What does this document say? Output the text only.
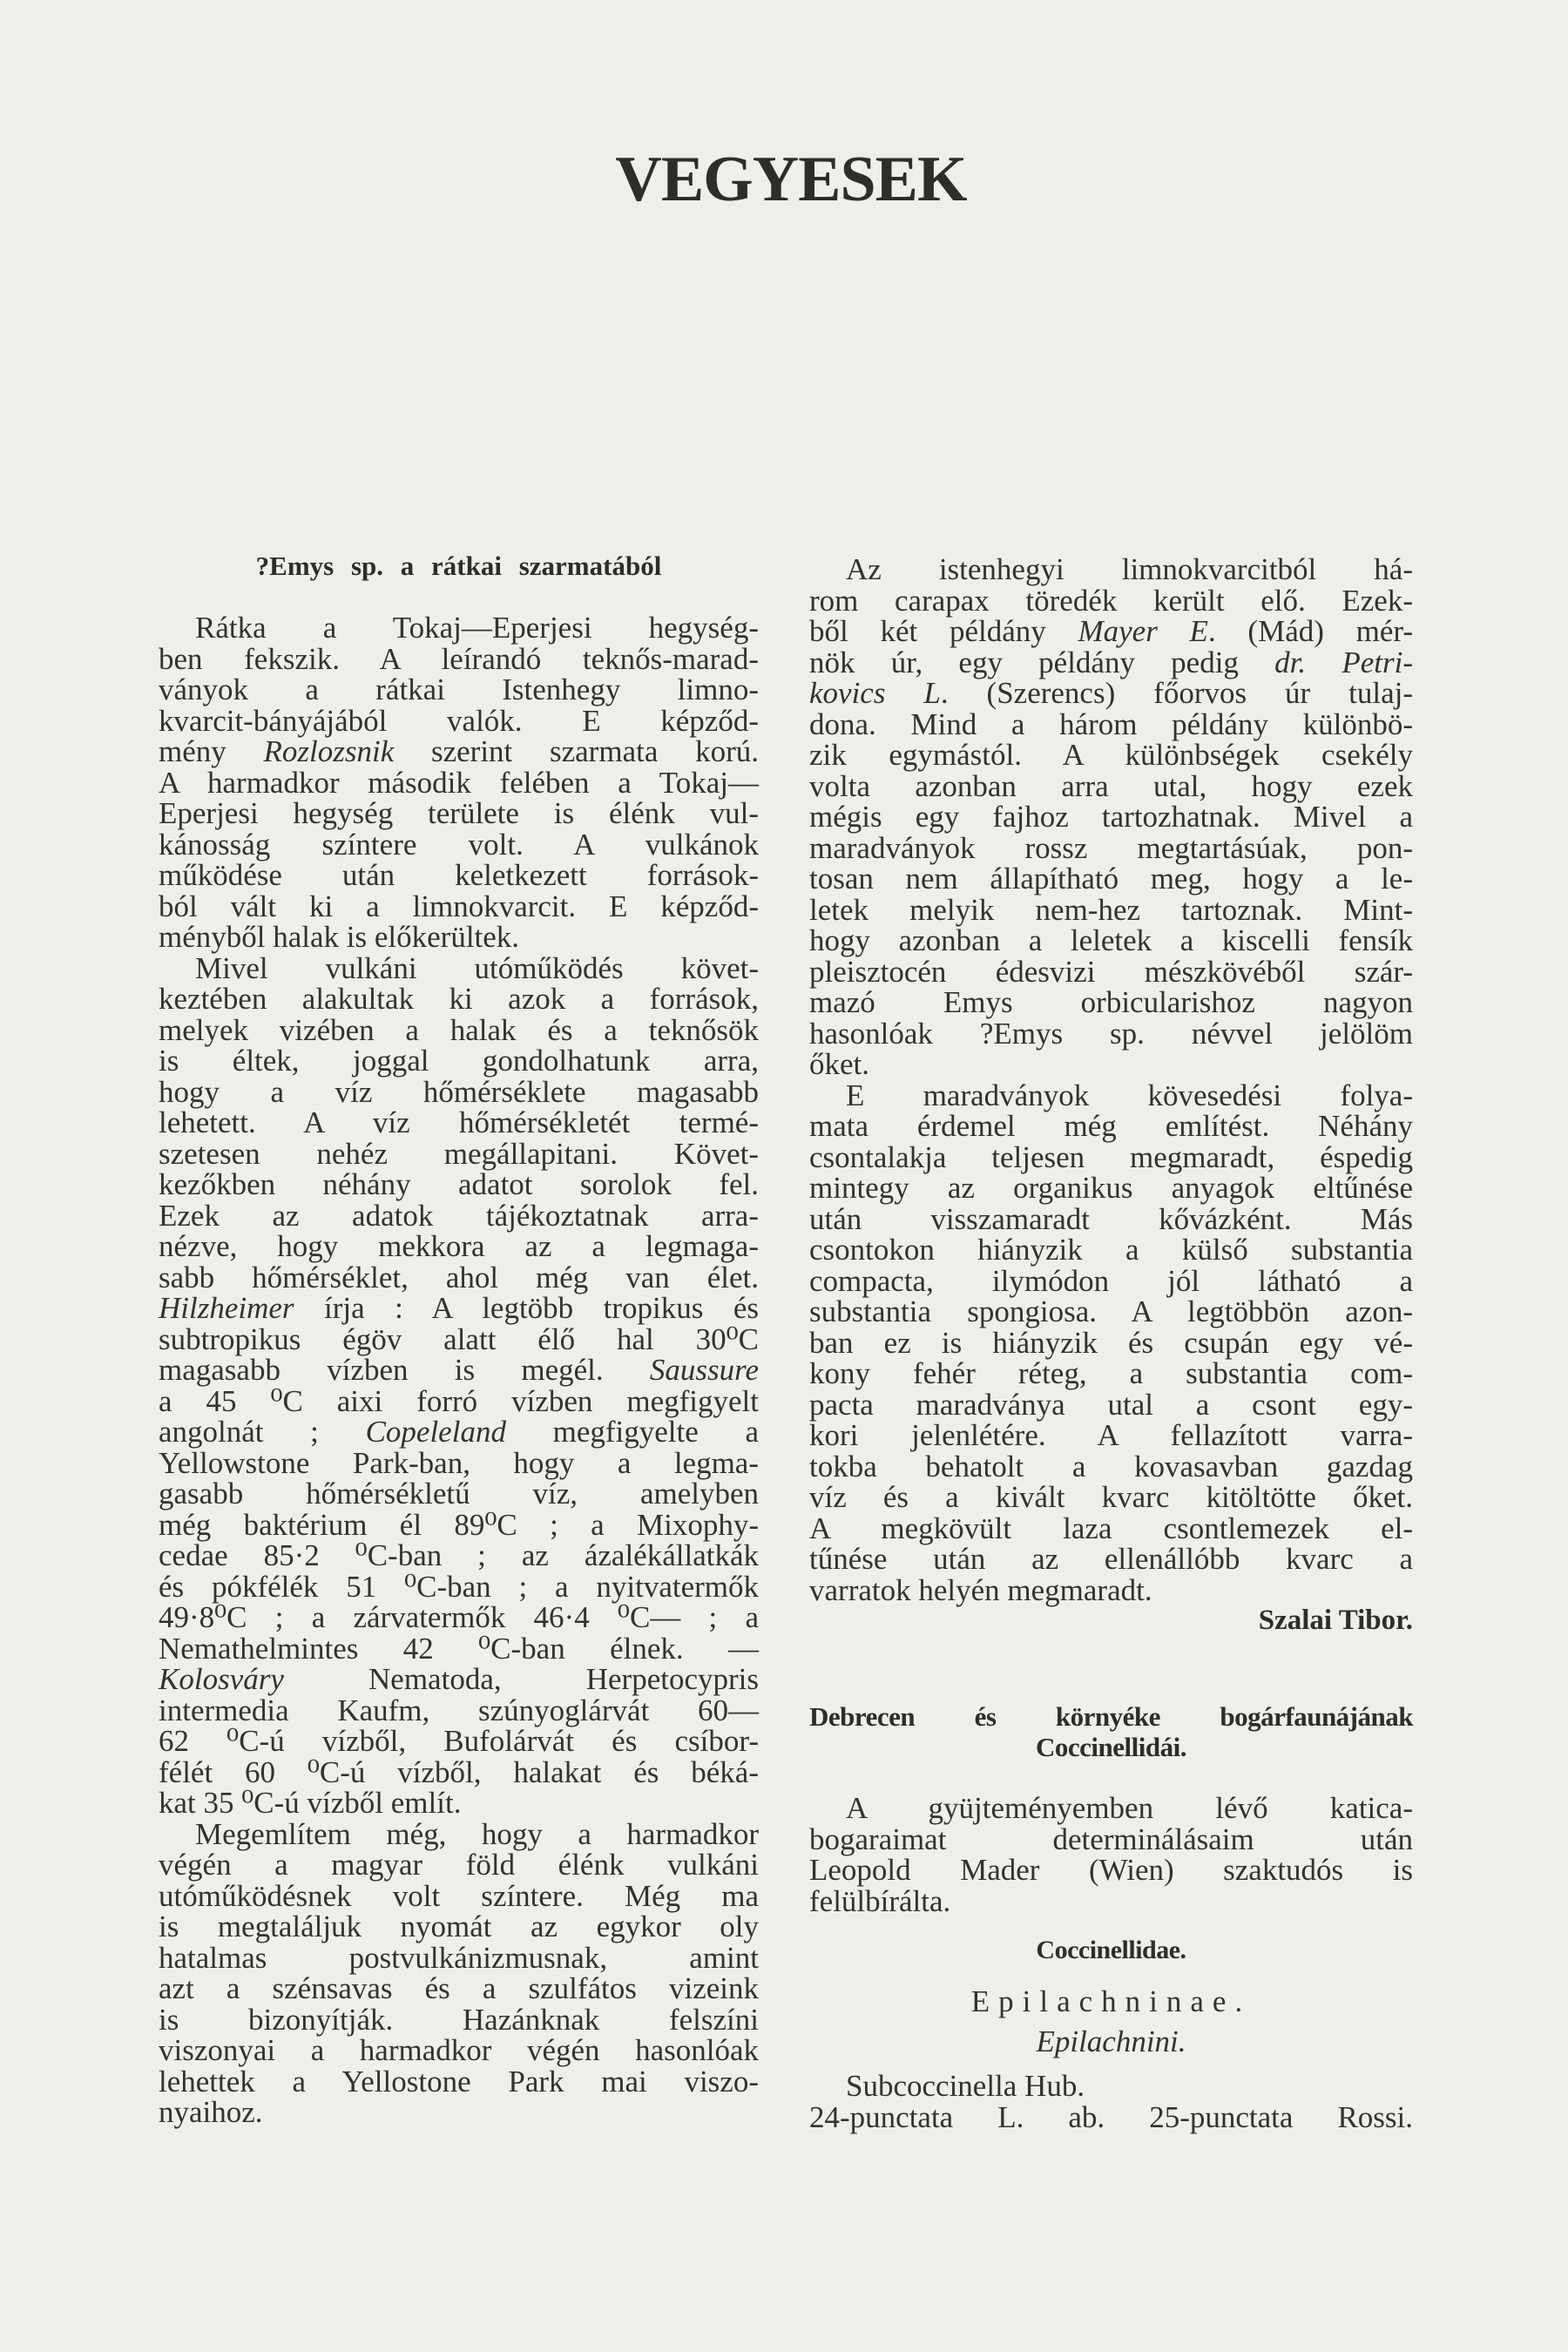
VEGYESEK
?Emys sp. a rátkai szarmatából
Rátka a Tokaj—Eperjesi hegység-
ben fekszik. A leírandó teknős-marad-
ványok a rátkai Istenhegy limno-
kvarcit-bányájából valók. E képződ-
mény Rozlozsnik szerint szarmata korú.
A harmadkor második felében a Tokaj—
Eperjesi hegység területe is élénk vul-
kánosság színtere volt. A vulkánok
működése után keletkezett források-
ból vált ki a limnokvarcit. E képződ-
ményből halak is előkerültek.
Mivel vulkáni utóműködés követ-
keztében alakultak ki azok a források,
melyek vizében a halak és a teknősök
is éltek, joggal gondolhatunk arra,
hogy a víz hőmérséklete magasabb
lehetett. A víz hőmérsékletét termé-
szetesen nehéz megállapitani. Követ-
kezőkben néhány adatot sorolok fel.
Ezek az adatok tájékoztatnak arra-
nézve, hogy mekkora az a legmaga-
sabb hőmérséklet, ahol még van élet.
Hilzheimer írja : A legtöbb tropikus és
subtropikus égöv alatt élő hal 30⁰C
magasabb vízben is megél. Saussure
a 45 ⁰C aixi forró vízben megfigyelt
angolnát ; Copeleland megfigyelte a
Yellowstone Park-ban, hogy a legma-
gasabb hőmérsékletű víz, amelyben
még baktérium él 89⁰C ; a Mixophy-
cedae 85·2 ⁰C-ban ; az ázalékállatkák
és pókfélék 51 ⁰C-ban ; a nyitvatermők
49·8⁰C ; a zárvatermők 46·4 ⁰C— ; a
Nemathelmintes 42 ⁰C-ban élnek. —
Kolosváry Nematoda, Herpetocypris
intermedia Kaufm, szúnyoglárvát 60—
62 ⁰C-ú vízből, Bufolárvát és csíbor-
félét 60 ⁰C-ú vízből, halakat és béká-
kat 35 ⁰C-ú vízből említ.
Megemlítem még, hogy a harmadkor
végén a magyar föld élénk vulkáni
utóműködésnek volt színtere. Még ma
is megtaláljuk nyomát az egykor oly
hatalmas postvulkánizmusnak, amint
azt a szénsavas és a szulfátos vizeink
is bizonyítják. Hazánknak felszíni
viszonyai a harmadkor végén hasonlóak
lehettek a Yellostone Park mai viszo-
nyaihoz.
Az istenhegyi limnokvarcitból há-
rom carapax töredék került elő. Ezek-
ből két példány Mayer E. (Mád) mér-
nök úr, egy példány pedig dr. Petri-
kovics L. (Szerencs) főorvos úr tulaj-
dona. Mind a három példány különbö-
zik egymástól. A különbségek csekély
volta azonban arra utal, hogy ezek
mégis egy fajhoz tartozhatnak. Mivel a
maradványok rossz megtartásúak, pon-
tosan nem állapítható meg, hogy a le-
letek melyik nem-hez tartoznak. Mint-
hogy azonban a leletek a kiscelli fensík
pleisztocén édesvizi mészkövéből szár-
mazó Emys orbicularishoz nagyon
hasonlóak ?Emys sp. névvel jelölöm
őket.
E maradványok kövesedési folya-
mata érdemel még említést. Néhány
csontalakja teljesen megmaradt, éspedig
mintegy az organikus anyagok eltűnése
után visszamaradt kővázként. Más
csontokon hiányzik a külső substantia
compacta, ilymódon jól látható a
substantia spongiosa. A legtöbbön azon-
ban ez is hiányzik és csupán egy vé-
kony fehér réteg, a substantia com-
pacta maradványa utal a csont egy-
kori jelenlétére. A fellazított varra-
tokba behatolt a kovasavban gazdag
víz és a kivált kvarc kitöltötte őket.
A megkövült laza csontlemezek el-
tűnése után az ellenállóbb kvarc a
varratok helyén megmaradt.
Szalai Tibor.
Debrecen és környéke bogárfaunájának
Coccinellidái.
A gyüjteményemben lévő katica-
bogaraimat determinálásaim után
Leopold Mader (Wien) szaktudós is
felülbírálta.
Coccinellidae.
Epilachninae.
Epilachnini.
Subcoccinella Hub.
24-punctata L. ab. 25-punctata Rossi.
